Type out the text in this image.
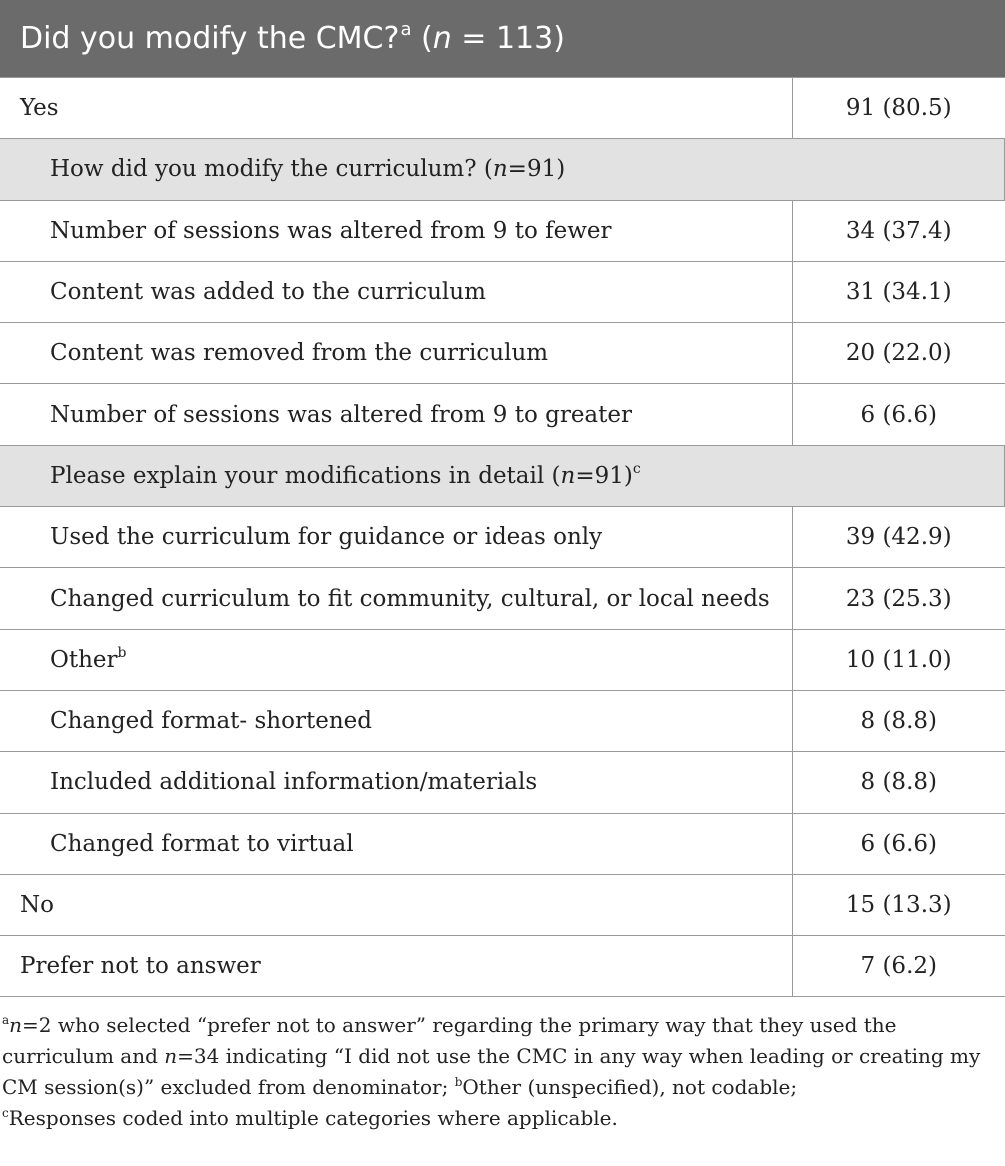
Did you modify the CMC?$^a$ (n = 113)
Yes	91 (80.5)
How did you modify the curriculum? (n=91)	
Number of sessions was altered from 9 to fewer	34 (37.4)
Content was added to the curriculum	31 (34.1)
Content was removed from the curriculum	20 (22.0)
Number of sessions was altered from 9 to greater	6 (6.6)
Please explain your modifications in detail (n=91)$^c$
Used the curriculum for guidance or ideas only	39 (42.9)
Changed curriculum to fit community, cultural, or local needs	23 (25.3)
Other$^b$	10 (11.0)
Changed format- shortened	8 (8.8)
Included additional information/materials	8 (8.8)
Changed format to virtual	6 (6.6)
No	15 (13.3)
Prefer not to answer	7 (6.2)
$^a$n=2 who selected “prefer not to answer” regarding the primary way that they used the curriculum and n=34 indicating “I did not use the CMC in any way when leading or creating my CM session(s)” excluded from denominator; $^b$Other (unspecified), not codable;
$^c$Responses coded into multiple categories where applicable.
